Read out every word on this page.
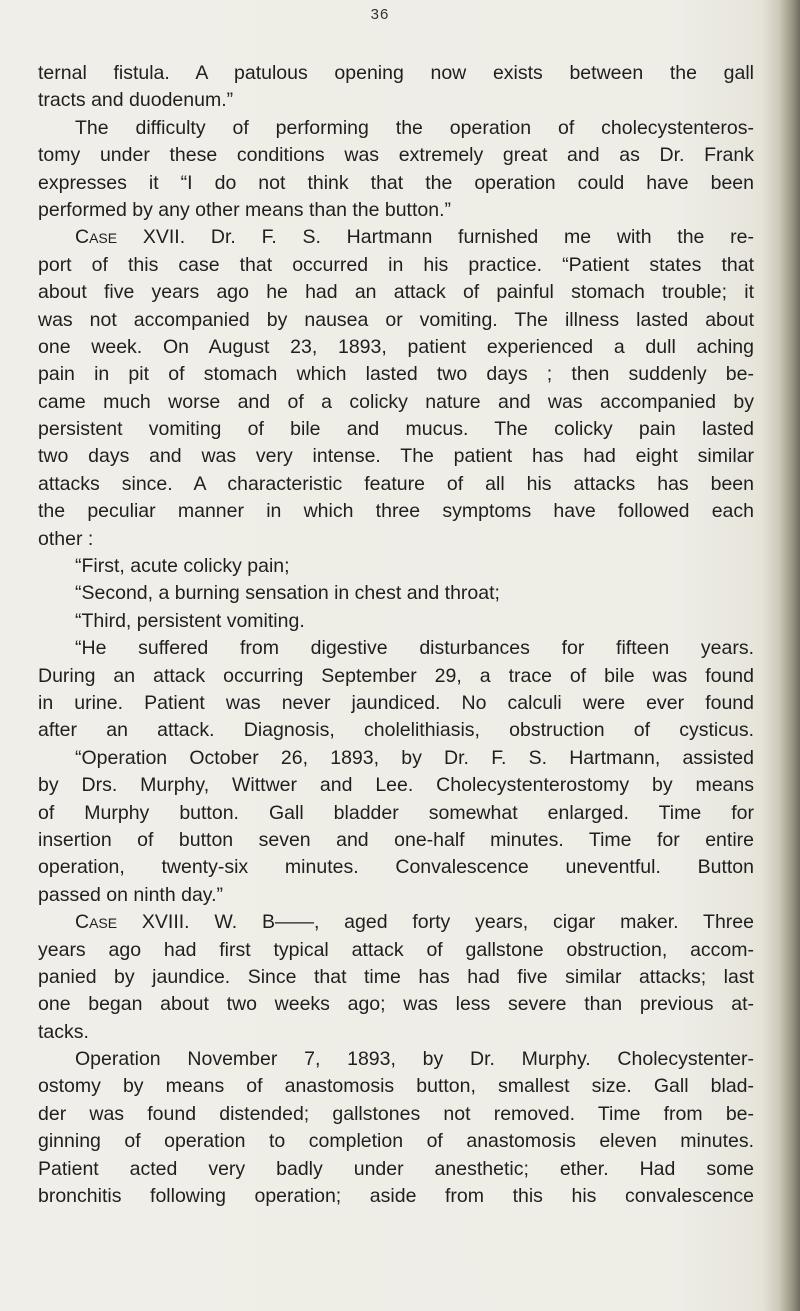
36
ternal fistula. A patulous opening now exists between the gall
tracts and duodenum.”
The difficulty of performing the operation of cholecystenteros-
tomy under these conditions was extremely great and as Dr. Frank
expresses it “I do not think that the operation could have been
performed by any other means than the button.”
Case XVII. Dr. F. S. Hartmann furnished me with the re-
port of this case that occurred in his practice. “Patient states that
about five years ago he had an attack of painful stomach trouble; it
was not accompanied by nausea or vomiting. The illness lasted about
one week. On August 23, 1893, patient experienced a dull aching
pain in pit of stomach which lasted two days ; then suddenly be-
came much worse and of a colicky nature and was accompanied by
persistent vomiting of bile and mucus. The colicky pain lasted
two days and was very intense. The patient has had eight similar
attacks since. A characteristic feature of all his attacks has been
the peculiar manner in which three symptoms have followed each
other :
“First, acute colicky pain;
“Second, a burning sensation in chest and throat;
“Third, persistent vomiting.
“He suffered from digestive disturbances for fifteen years.
During an attack occurring September 29, a trace of bile was found
in urine. Patient was never jaundiced. No calculi were ever found
after an attack. Diagnosis, cholelithiasis, obstruction of cysticus.
“Operation October 26, 1893, by Dr. F. S. Hartmann, assisted
by Drs. Murphy, Wittwer and Lee. Cholecystenterostomy by means
of Murphy button. Gall bladder somewhat enlarged. Time for
insertion of button seven and one-half minutes. Time for entire
operation, twenty-six minutes. Convalescence uneventful. Button
passed on ninth day.”
Case XVIII. W. B——, aged forty years, cigar maker. Three
years ago had first typical attack of gallstone obstruction, accom-
panied by jaundice. Since that time has had five similar attacks; last
one began about two weeks ago; was less severe than previous at-
tacks.
Operation November 7, 1893, by Dr. Murphy. Cholecystenter-
ostomy by means of anastomosis button, smallest size. Gall blad-
der was found distended; gallstones not removed. Time from be-
ginning of operation to completion of anastomosis eleven minutes.
Patient acted very badly under anesthetic; ether. Had some
bronchitis following operation; aside from this his convalescence
